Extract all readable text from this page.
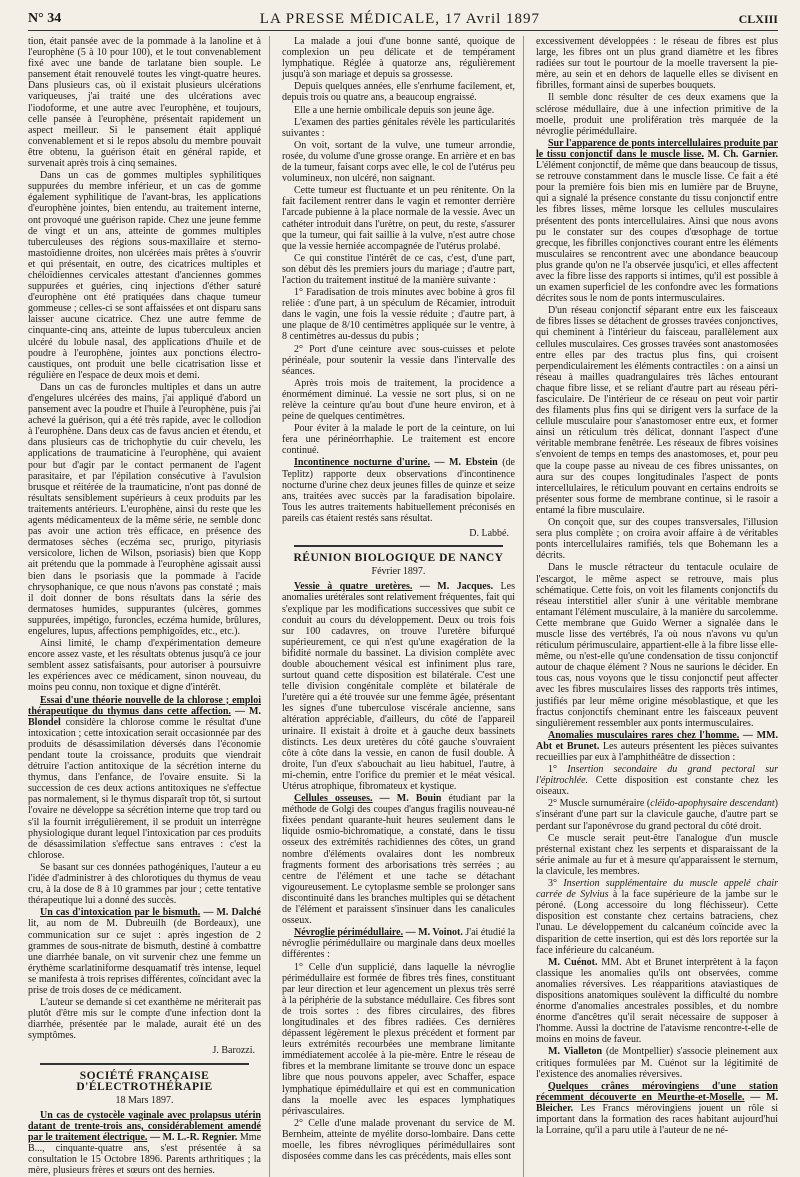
N° 34	LA PRESSE MÉDICALE, 17 Avril 1897	CLXIII

tion, était pansée avec de la pommade à la lanoline et à l'europhène (5 à 10 pour 100), et le tout convenablement fixé avec une bande de tarlatane bien souple. Le pansement était renouvelé toutes les vingt-quatre heures. Dans plusieurs cas, où il existait plusieurs ulcérations variqueuses, j'ai traité une des ulcérations avec l'iodoforme, et une autre avec l'europhène, et toujours, celle pansée à l'europhène, présentait rapidement un aspect meilleur. Si le pansement était appliqué convenablement et si le repos absolu du membre pouvait être obtenu, la guérison était en général rapide, et survenait après trois à cinq semaines.

Dans un cas de gommes multiples syphilitiques suppurées du membre inférieur, et un cas de gomme également syphilitique de l'avant-bras, les applications d'europhène jointes, bien entendu, au traitement interne, ont provoqué une guérison rapide. Chez une jeune femme de vingt et un ans, atteinte de gommes multiples tuberculeuses des régions sous-maxillaire et sterno-mastoïdienne droites, non ulcérées mais prêtes à s'ouvrir et qui présentait, en outre, des cicatrices multiples et chéloïdiennes cervicales attestant d'anciennes gommes suppurées et guéries, cinq injections d'éther saturé d'europhène ont été pratiquées dans chaque tumeur gommeuse ; celles-ci se sont affaissées et ont disparu sans laisser aucune cicatrice. Chez une autre femme de cinquante-cinq ans, atteinte de lupus tuberculeux ancien ulcéré du lobule nasal, des applications d'huile et de poudre à l'europhène, jointes aux ponctions électro-caustiques, ont produit une belle cicatrisation lisse et régulière en l'espace de deux mois et demi.

Dans un cas de furoncles multiples et dans un autre d'engelures ulcérées des mains, j'ai appliqué d'abord un pansement avec la poudre et l'huile à l'europhène, puis j'ai achevé la guérison, qui a été très rapide, avec le collodion à l'europhène. Dans deux cas de favus ancien et étendu, et dans plusieurs cas de trichophytie du cuir chevelu, les applications de traumaticine à l'europhène, qui avaient pour but d'agir par le contact permanent de l'agent parasitaire, et par l'épilation consécutive à l'avulsion brusque et réitérée de la traumaticine, n'ont pas donné de résultats sensiblement supérieurs à ceux produits par les traitements antérieurs. L'europhène, ainsi du reste que les agents médicamenteux de la même série, ne semble donc pas avoir une action très efficace, en présence des dermatoses sèches (eczéma sec, prurigo, pityriasis versicolore, lichen de Wilson, psoriasis) bien que Kopp ait prétendu que la pommade à l'europhène agissait aussi bien dans le psoriasis que la pommade à l'acide chrysophanique, ce que nous n'avons pas constaté ; mais il doit donner de bons résultats dans la série des dermatoses humides, suppurantes (ulcères, gommes suppurées, impétigo, furoncles, eczéma humide, brûlures, engelures, lupus, affections pemphigoïdes, etc., etc.).

Ainsi limité, le champ d'expérimentation demeure encore assez vaste, et les résultats obtenus jusqu'à ce jour semblent assez satisfaisants, pour autoriser à poursuivre les expériences avec ce médicament, sinon nouveau, du moins peu connu, non toxique et digne d'intérêt.

Essai d'une théorie nouvelle de la chlorose ; emploi thérapeutique du thymus dans cette affection. — M. Blondel considère la chlorose comme le résultat d'une intoxication ; cette intoxication serait occasionnée par des produits de désassimilation déversés dans l'économie pendant toute la croissance, produits que viendrait détruire l'action antitoxique de la sécrétion interne du thymus, dans l'enfance, de l'ovaire ensuite. Si la succession de ces deux actions antitoxiques ne s'effectue pas normalement, si le thymus disparaît trop tôt, si surtout l'ovaire ne développe sa sécrétion interne que trop tard ou s'il la fournit irrégulièrement, il se produit un interrègne physiologique durant lequel l'intoxication par ces produits de désassimilation s'effectue sans entraves : c'est la chlorose.

Se basant sur ces données pathogéniques, l'auteur a eu l'idée d'administrer à des chlorotiques du thymus de veau cru, à la dose de 8 à 10 grammes par jour ; cette tentative thérapeutique lui a donné des succès.

Un cas d'intoxication par le bismuth. — M. Dalché lit, au nom de M. Dubreuilh (de Bordeaux), une communication sur ce sujet : après ingestion de 2 grammes de sous-nitrate de bismuth, destiné à combattre une diarrhée banale, on vit survenir chez une femme un érythème scarlatiniforme desquamatif très intense, lequel se manifesta à trois reprises différentes, coïncidant avec la prise de trois doses de ce médicament.

L'auteur se demande si cet exanthème ne mériterait pas plutôt d'être mis sur le compte d'une infection dont la diarrhée, présentée par le malade, aurait été un des symptômes.

J. Barozzi.

SOCIÉTÉ FRANÇAISE D'ÉLECTROTHÉRAPIE
18 Mars 1897.

Un cas de cystocèle vaginale avec prolapsus utérin datant de trente-trois ans, considérablement amendé par le traitement électrique. — M. L.-R. Regnier. Mme B..., cinquante-quatre ans, s'est présentée à sa consultation le 15 Octobre 1896. Parents arthritiques ; la mère, plusieurs frères et sœurs ont des hernies.

La malade a joui d'une bonne santé, quoique de complexion un peu délicate et de tempérament lymphatique. Réglée à quatorze ans, régulièrement jusqu'à son mariage et depuis sa grossesse.

Depuis quelques années, elle s'enrhume facilement, et, depuis trois ou quatre ans, a beaucoup engraissé.

Elle a une hernie ombilicale depuis son jeune âge.

L'examen des parties génitales révèle les particularités suivantes :

On voit, sortant de la vulve, une tumeur arrondie, rosée, du volume d'une grosse orange. En arrière et en bas de la tumeur, faisant corps avec elle, le col de l'utérus peu volumineux, non ulcéré, non saignant.

Cette tumeur est fluctuante et un peu rénitente. On la fait facilement rentrer dans le vagin et remonter derrière l'arcade pubienne à la place normale de la vessie. Avec un cathéter introduit dans l'urètre, on peut, du reste, s'assurer que la tumeur, qui fait saillie à la vulve, n'est autre chose que la vessie herniée accompagnée de l'utérus prolabé.

Ce qui constitue l'intérêt de ce cas, c'est, d'une part, son début dès les premiers jours du mariage ; d'autre part, l'action du traitement institué de la manière suivante :

1° Faradisation de trois minutes avec bobine à gros fil reliée : d'une part, à un spéculum de Récamier, introduit dans le vagin, une fois la vessie réduite ; d'autre part, à une plaque de 8/10 centimètres appliquée sur le ventre, à 8 centimètres au-dessus du pubis ;

2° Port d'une ceinture avec sous-cuisses et pelote périnéale, pour soutenir la vessie dans l'intervalle des séances.

Après trois mois de traitement, la procidence a énormément diminué. La vessie ne sort plus, si on ne relève la ceinture qu'au bout d'une heure environ, et à peine de quelques centimètres.

Pour éviter à la malade le port de la ceinture, on lui fera une périnéorrhaphie. Le traitement est encore continué.

Incontinence nocturne d'urine. — M. Ebstein (de Teplitz) rapporte deux observations d'incontinence nocturne d'urine chez deux jeunes filles de quinze et seize ans, traitées avec succès par la faradisation bipolaire. Tous les autres traitements habituellement préconisés en pareils cas étaient restés sans résultat.

D. Labbé.

RÉUNION BIOLOGIQUE DE NANCY
Février 1897.

Vessie à quatre uretères. — M. Jacques. Les anomalies urétérales sont relativement fréquentes, fait qui s'explique par les modifications successives que subit ce conduit au cours du développement. Deux ou trois fois sur 100 cadavres, on trouve l'uretère bifurqué supérieurement, ce qui n'est qu'une exagération de la bifidité normale du bassinet. La division complète avec double abouchement vésical est infiniment plus rare, surtout quand cette disposition est bilatérale. C'est une telle division congénitale complète et bilatérale de l'uretère qui a été trouvée sur une femme âgée, présentant les signes d'une tuberculose viscérale ancienne, sans altération appréciable, d'ailleurs, du côté de l'appareil urinaire. Il existait à droite et à gauche deux bassinets distincts. Les deux uretères du côté gauche s'ouvraient côte à côte dans la vessie, en canon de fusil double. À droite, l'un d'eux s'abouchait au lieu habituel, l'autre, à mi-chemin, entre l'orifice du premier et le méat vésical. Utérus atrophique, fibromateux et kystique.

Cellules osseuses. — M. Bouin étudiant par la méthode de Golgi des coupes d'angus fragilis nouveau-né fixées pendant quarante-huit heures seulement dans le liquide osmio-bichromatique, a constaté, dans le tissu osseux des extrémités rachidiennes des côtes, un grand nombre d'éléments ovalaires dont les nombreux fragments forment des arborisations très serrées ; au centre de l'élément et une tache se détachant vigoureusement. Le cytoplasme semble se prolonger sans discontinuité dans les branches multiples qui se détachent de l'élément et paraissent s'insinuer dans les canalicules osseux.

Névroglie périmédullaire. — M. Voinot. J'ai étudié la névroglie périmédullaire ou marginale dans deux moelles différentes :

1° Celle d'un supplicié, dans laquelle la névroglie périmédullaire est formée de fibres très fines, constituant par leur direction et leur agencement un plexus très serré à la périphérie de la substance médullaire. Ces fibres sont de trois sortes : des fibres circulaires, des fibres longitudinales et des fibres radiées. Ces dernières dépassent légèrement le plexus précédent et forment par leurs extrémités recourbées une membrane limitante immédiatement accolée à la pie-mère. Entre le réseau de fibres et la membrane limitante se trouve donc un espace libre que nous pouvons appeler, avec Schaffer, espace lymphatique épimédullaire et qui est en communication dans la moelle avec les espaces lymphatiques périvasculaires.

2° Celle d'une malade provenant du service de M. Bernheim, atteinte de myélite dorso-lombaire. Dans cette moelle, les fibres névrogliques périmédullaires sont disposées comme dans les cas précédents, mais elles sont

excessivement développées : le réseau de fibres est plus large, les fibres ont un plus grand diamètre et les fibres radiées sur tout le pourtour de la moelle traversent la pie-mère, au sein et en dehors de laquelle elles se divisent en fibrilles, formant ainsi de superbes bouquets.

Il semble donc résulter de ces deux examens que la sclérose médullaire, due à une infection primitive de la moelle, produit une prolifération très marquée de la névroglie périmédullaire.

Sur l'apparence de ponts intercellulaires produite par le tissu conjonctif dans le muscle lisse. M. Ch. Garnier. L'élément conjonctif, de même que dans beaucoup de tissus, se retrouve constamment dans le muscle lisse. Ce fait a été pour la première fois bien mis en lumière par de Bruyne, qui a signalé la présence constante du tissu conjonctif entre les fibres lisses, même lorsque les cellules musculaires présentent des ponts intercellulaires. Ainsi que nous avons pu le constater sur des coupes d'œsophage de tortue grecque, les fibrilles conjonctives courant entre les éléments musculaires se rencontrent avec une abondance beaucoup plus grande qu'on ne l'a observée jusqu'ici, et elles affectent avec la fibre lisse des rapports si intimes, qu'il est possible à un examen superficiel de les confondre avec les formations décrites sous le nom de ponts intermusculaires.

D'un réseau conjonctif séparant entre eux les faisceaux de fibres lisses se détachent de grosses travées conjonctives, qui cheminent à l'intérieur du faisceau, parallèlement aux cellules musculaires. Ces grosses travées sont anastomosées entre elles par des tractus plus fins, qui croisent perpendiculairement les éléments contractiles : on a ainsi un réseau à mailles quadrangulaires très lâches entourant chaque fibre lisse, et se reliant d'autre part au réseau péri-fasciculaire. De l'intérieur de ce réseau on peut voir partir des filaments plus fins qui se dirigent vers la surface de la cellule musculaire pour s'anastomoser entre eux, et former ainsi un réticulum très délicat, donnant l'aspect d'une véritable membrane fenêtrée. Les réseaux de fibres voisines s'envoient de temps en temps des anastomoses, et, pour peu que la coupe passe au niveau de ces fibres unissantes, on aura sur des coupes longitudinales l'aspect de ponts intercellulaires, le réticulum pouvant en certains endroits se présenter sous forme de membrane continue, si le rasoir a entamé la fibre musculaire.

On conçoit que, sur des coupes transversales, l'illusion sera plus complète ; on croira avoir affaire à de véritables ponts intercellulaires ramifiés, tels que Bohemann les a décrits.

Dans le muscle rétracteur du tentacule oculaire de l'escargot, le même aspect se retrouve, mais plus schématique. Cette fois, on voit les filaments conjonctifs du réseau interstitiel aller s'unir à une véritable membrane entamant l'élément musculaire, à la manière du sarcolemme. Cette membrane que Guido Werner a signalée dans le muscle lisse des vertébrés, l'a où nous n'avons vu qu'un réticulum périmusculaire, appartient-elle à la fibre lisse elle-même, ou n'est-elle qu'une condensation de tissu conjonctif autour de chaque élément ? Nous ne saurions le décider. En tous cas, nous voyons que le tissu conjonctif peut affecter avec les fibres musculaires lisses des rapports très intimes, justifiés par leur même origine mésoblastique, et que les fractus conjonctifs cheminant entre les faisceaux peuvent singulièrement ressembler aux ponts intermusculaires.

Anomalies musculaires rares chez l'homme. — MM. Abt et Brunet. Les auteurs présentent les pièces suivantes recueillies par eux à l'amphithéâtre de dissection :

1° Insertion secondaire du grand pectoral sur l'épitrochlée. Cette disposition est constante chez les oiseaux.

2° Muscle surnuméraire (cléido-apophysaire descendant) s'insérant d'une part sur la clavicule gauche, d'autre part se perdant sur l'aponévrose du grand pectoral du côté droit.

Ce muscle serait peut-être l'analogue d'un muscle présternal existant chez les serpents et disparaissant de la série animale au fur et à mesure qu'apparaissent le sternum, la clavicule, les membres.

3° Insertion supplémentaire du muscle appelé chair carrée de Sylvius à la face supérieure de la jambe sur le péroné. (Long accessoire du long fléchisseur). Cette disposition est constante chez certains batraciens, chez l'unau. Le développement du calcanéum coïncide avec la disparition de cette insertion, qui est dès lors reportée sur la face inférieure du calcanéum.

M. Cuénot. MM. Abt et Brunet interprètent à la façon classique les anomalies qu'ils ont observées, comme anomalies réversives. Les réapparitions ataviastiques de dispositions anatomiques soulèvent la difficulté du nombre énorme d'anomalies ancestrales possibles, et du nombre énorme d'ancêtres qu'il serait nécessaire de supposer à l'homme. Aussi la doctrine de l'atavisme rencontre-t-elle de moins en moins de faveur.

M. Vialleton (de Montpellier) s'associe pleinement aux critiques formulées par M. Cuénot sur la légitimité de l'existence des anomalies réversives.

Quelques crânes mérovingiens d'une station récemment découverte en Meurthe-et-Moselle. — M. Bleicher. Les Francs mérovingiens jouent un rôle si important dans la formation des races habitant aujourd'hui la Lorraine, qu'il a paru utile à l'auteur de ne né-
